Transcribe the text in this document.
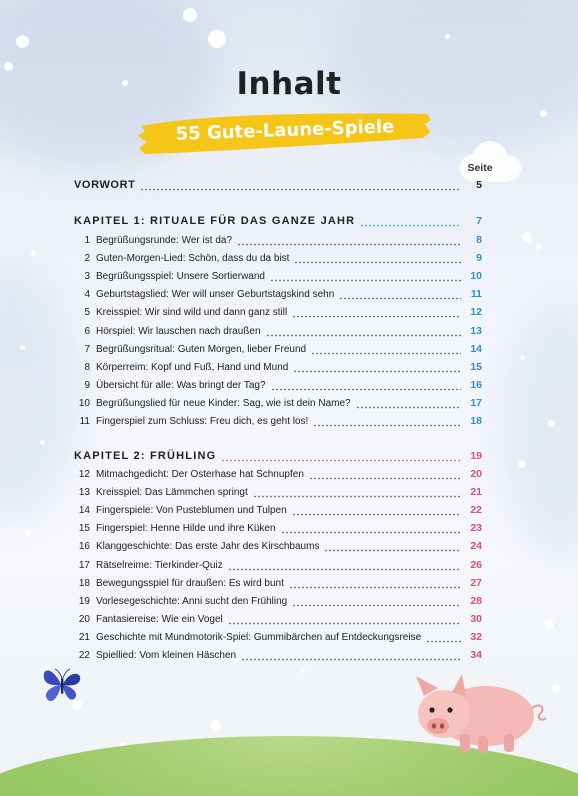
Inhalt
55 Gute-Laune-Spiele
Seite
VORWORT	5
KAPITEL 1: RITUALE FÜR DAS GANZE JAHR	7
1 Begrüßungsrunde: Wer ist da?	8
2 Guten-Morgen-Lied: Schön, dass du da bist	9
3 Begrüßungsspiel: Unsere Sortierwand	10
4 Geburtstagslied: Wer will unser Geburtstagskind sehn	11
5 Kreisspiel: Wir sind wild und dann ganz still	12
6 Hörspiel: Wir lauschen nach draußen	13
7 Begrüßungsritual: Guten Morgen, lieber Freund	14
8 Körperreim: Kopf und Fuß, Hand und Mund	15
9 Übersicht für alle: Was bringt der Tag?	16
10 Begrüßungslied für neue Kinder: Sag, wie ist dein Name?	17
11 Fingerspiel zum Schluss: Freu dich, es geht los!	18
KAPITEL 2: FRÜHLING	19
12 Mitmachgedicht: Der Osterhase hat Schnupfen	20
13 Kreisspiel: Das Lämmchen springt	21
14 Fingerspiele: Von Pusteblumen und Tulpen	22
15 Fingerspiel: Henne Hilde und ihre Küken	23
16 Klanggeschichte: Das erste Jahr des Kirschbaums	24
17 Rätselreime: Tierkinder-Quiz	26
18 Bewegungsspiel für draußen: Es wird bunt	27
19 Vorlesegeschichte: Anni sucht den Frühling	28
20 Fantasiereise: Wie ein Vogel	30
21 Geschichte mit Mundmotorik-Spiel: Gummibärchen auf Entdeckungsreise	32
22 Spiellied: Vom kleinen Häschen	34
